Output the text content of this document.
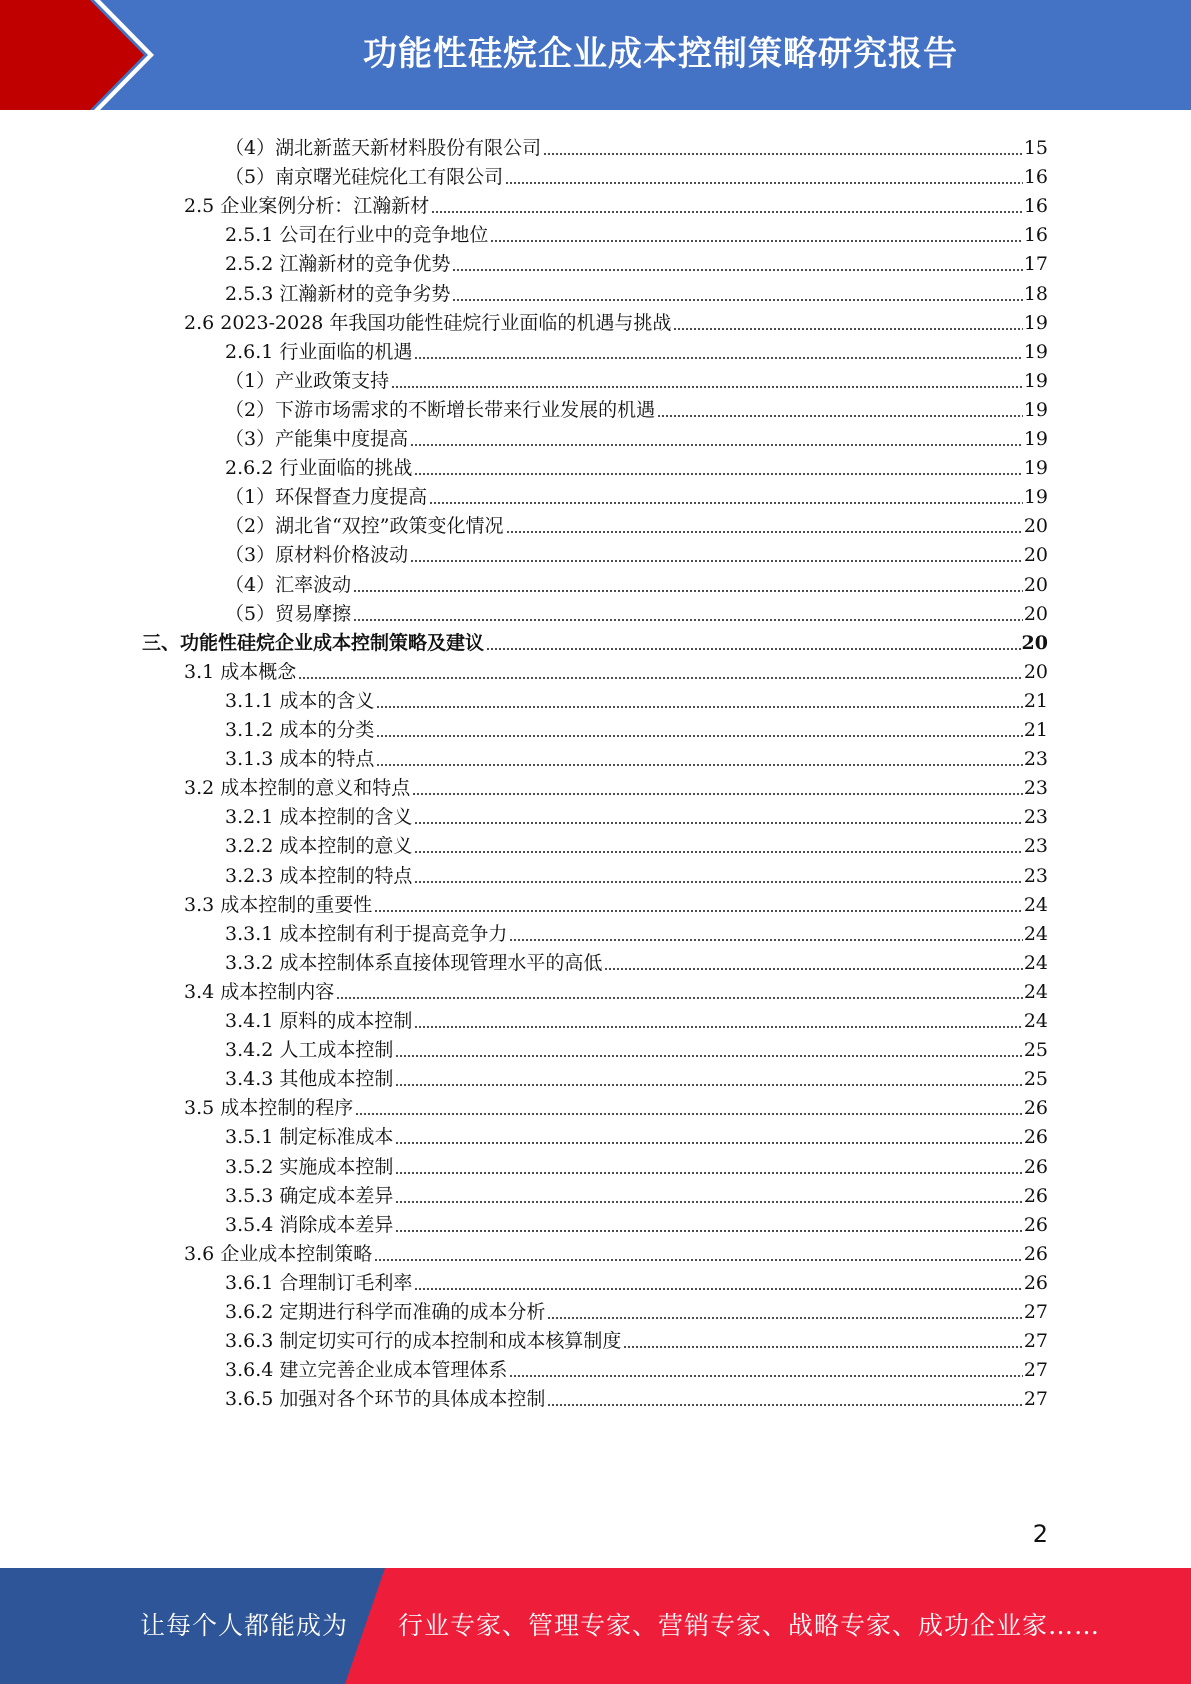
功能性硅烷企业成本控制策略研究报告
（4）湖北新蓝天新材料股份有限公司	15
（5）南京曙光硅烷化工有限公司	16
2.5 企业案例分析：江瀚新材	16
2.5.1 公司在行业中的竞争地位	16
2.5.2 江瀚新材的竞争优势	17
2.5.3 江瀚新材的竞争劣势	18
2.6 2023-2028 年我国功能性硅烷行业面临的机遇与挑战	19
2.6.1 行业面临的机遇	19
（1）产业政策支持	19
（2）下游市场需求的不断增长带来行业发展的机遇	19
（3）产能集中度提高	19
2.6.2 行业面临的挑战	19
（1）环保督查力度提高	19
（2）湖北省“双控”政策变化情况	20
（3）原材料价格波动	20
（4）汇率波动	20
（5）贸易摩擦	20
三、功能性硅烷企业成本控制策略及建议	20
3.1 成本概念	20
3.1.1 成本的含义	21
3.1.2 成本的分类	21
3.1.3 成本的特点	23
3.2 成本控制的意义和特点	23
3.2.1 成本控制的含义	23
3.2.2 成本控制的意义	23
3.2.3 成本控制的特点	23
3.3 成本控制的重要性	24
3.3.1 成本控制有利于提高竞争力	24
3.3.2 成本控制体系直接体现管理水平的高低	24
3.4 成本控制内容	24
3.4.1 原料的成本控制	24
3.4.2 人工成本控制	25
3.4.3 其他成本控制	25
3.5 成本控制的程序	26
3.5.1 制定标准成本	26
3.5.2 实施成本控制	26
3.5.3 确定成本差异	26
3.5.4 消除成本差异	26
3.6 企业成本控制策略	26
3.6.1 合理制订毛利率	26
3.6.2 定期进行科学而准确的成本分析	27
3.6.3 制定切实可行的成本控制和成本核算制度	27
3.6.4 建立完善企业成本管理体系	27
3.6.5 加强对各个环节的具体成本控制	27
2
让每个人都能成为 行业专家、管理专家、营销专家、战略专家、成功企业家……
